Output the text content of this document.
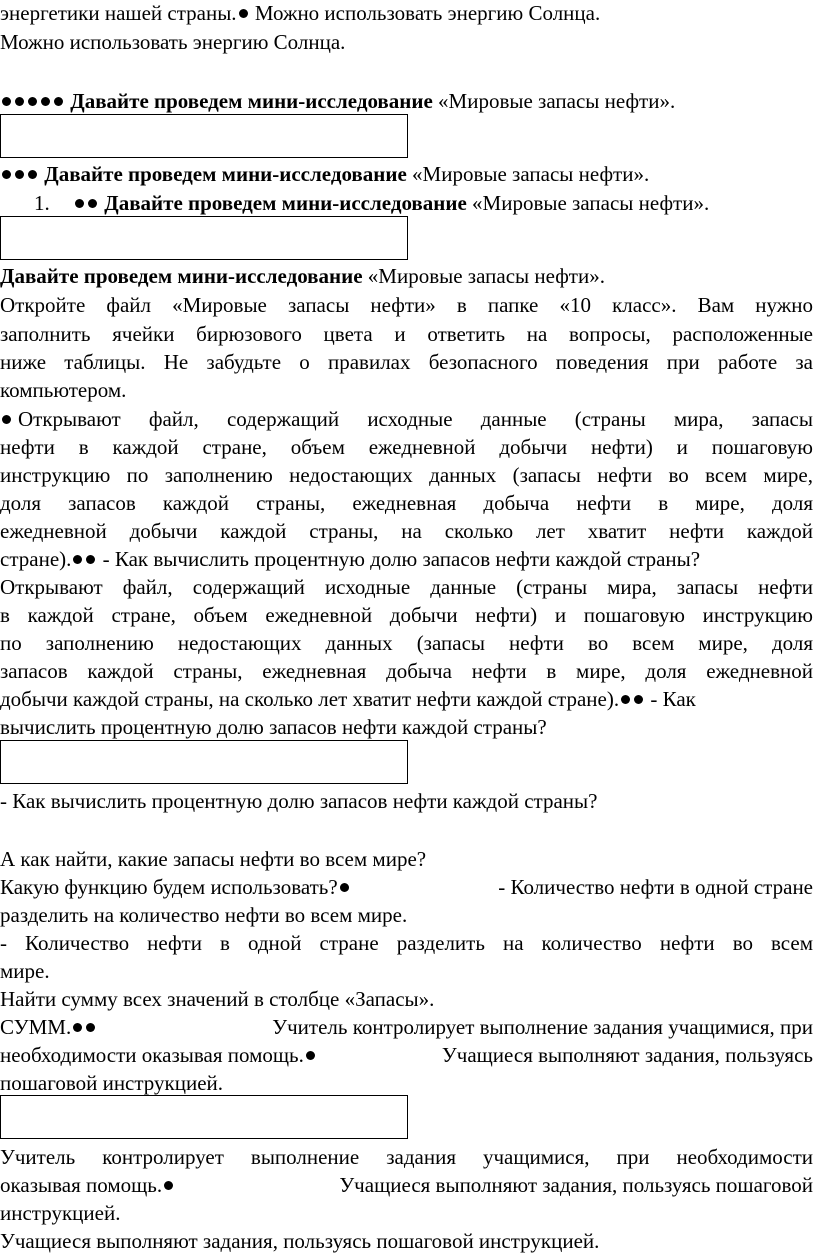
энергетики нашей страны. Можно использовать энергию Солнца.
Можно использовать энергию Солнца.
Давайте проведем мини-исследование «Мировые запасы нефти».
Давайте проведем мини-исследование «Мировые запасы нефти».
1.	Давайте проведем мини-исследование «Мировые запасы нефти».
Давайте проведем мини-исследование «Мировые запасы нефти».
Откройте файл «Мировые запасы нефти» в папке «10 класс». Вам нужно
заполнить ячейки бирюзового цвета и ответить на вопросы, расположенные
ниже таблицы. Не забудьте о правилах безопасного поведения при работе за
компьютером.
Открывают файл, содержащий исходные данные (страны мира, запасы
нефти в каждой стране, объем ежедневной добычи нефти) и пошаговую
инструкцию по заполнению недостающих данных (запасы нефти во всем мире,
доля запасов каждой страны, ежедневная добыча нефти в мире, доля
ежедневной добычи каждой страны, на сколько лет хватит нефти каждой
стране). - Как вычислить процентную долю запасов нефти каждой страны?
Открывают файл, содержащий исходные данные (страны мира, запасы нефти
в каждой стране, объем ежедневной добычи нефти) и пошаговую инструкцию
по заполнению недостающих данных (запасы нефти во всем мире, доля
запасов каждой страны, ежедневная добыча нефти в мире, доля ежедневной
добычи каждой страны, на сколько лет хватит нефти каждой стране). - Как
вычислить процентную долю запасов нефти каждой страны?
- Как вычислить процентную долю запасов нефти каждой страны?
А как найти, какие запасы нефти во всем мире?
Какую функцию будем использовать?	- Количество нефти в одной стране
разделить на количество нефти во всем мире.
- Количество нефти в одной стране разделить на количество нефти во всем
мире.
Найти сумму всех значений в столбце «Запасы».
СУММ.	Учитель контролирует выполнение задания учащимися, при
необходимости оказывая помощь.	Учащиеся выполняют задания, пользуясь
пошаговой инструкцией.
Учитель контролирует выполнение задания учащимися, при необходимости
оказывая помощь.	Учащиеся выполняют задания, пользуясь пошаговой
инструкцией.
Учащиеся выполняют задания, пользуясь пошаговой инструкцией.
